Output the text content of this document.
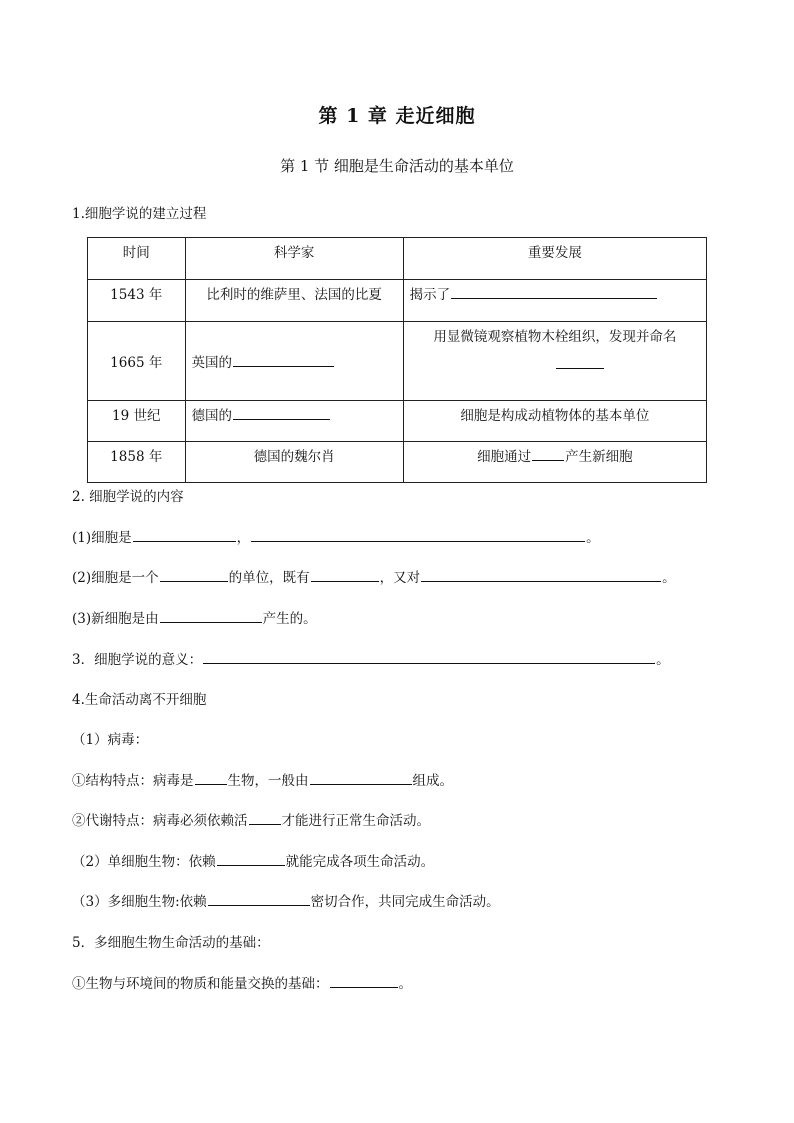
第 1 章 走近细胞
第 1 节 细胞是生命活动的基本单位
1.细胞学说的建立过程
时间	科学家	重要发展

1543 年	比利时的维萨里、法国的比夏	揭示了

1665 年	英国的	用显微镜观察植物木栓组织，发现并命名

19 世纪	德国的	细胞是构成动植物体的基本单位

1858 年	德国的魏尔肖	细胞通过 产生新细胞
2. 细胞学说的内容
(1)细胞是	，	。
(2)细胞是一个	的单位，既有	，又对	。
(3)新细胞是由	产生的。
3．细胞学说的意义：	。
4.生命活动离不开细胞
（1）病毒：
①结构特点：病毒是	生物，一般由	组成。
②代谢特点：病毒必须依赖活	才能进行正常生命活动。
（2）单细胞生物：依赖	就能完成各项生命活动。
（3）多细胞生物:依赖	密切合作，共同完成生命活动。
5．多细胞生物生命活动的基础：
①生物与环境间的物质和能量交换的基础：	。
